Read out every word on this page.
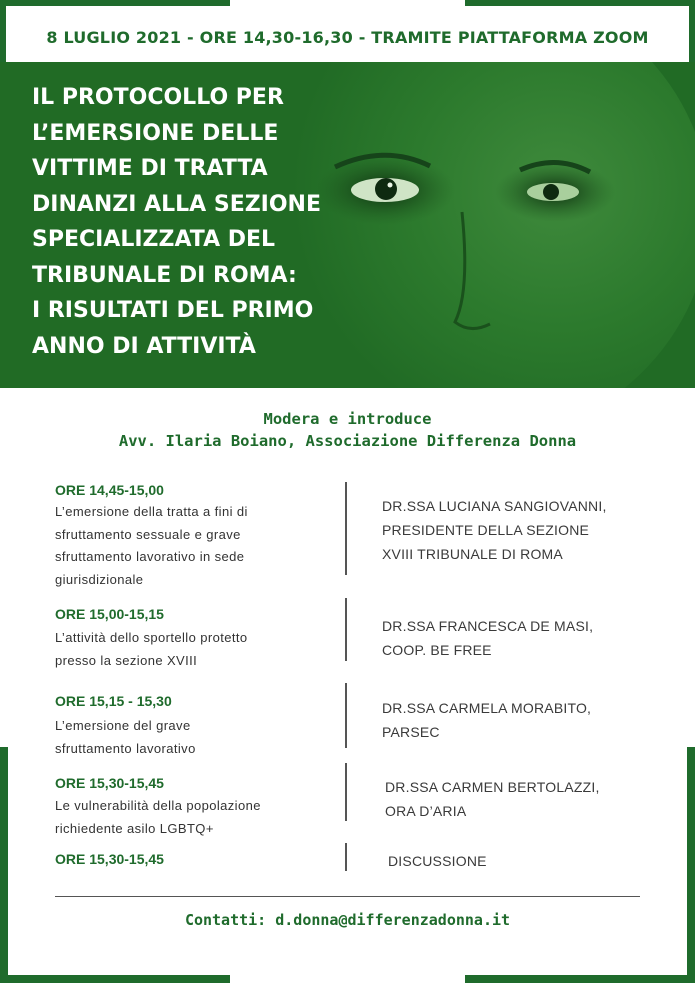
8 LUGLIO 2021 - ORE 14,30-16,30 - TRAMITE PIATTAFORMA ZOOM
IL PROTOCOLLO PER
L’EMERSIONE DELLE
VITTIME DI TRATTA
DINANZI ALLA SEZIONE
SPECIALIZZATA DEL
TRIBUNALE DI ROMA:
I RISULTATI DEL PRIMO
ANNO DI ATTIVITÀ
Modera e introduce
Avv. Ilaria Boiano, Associazione Differenza Donna
ORE 14,45-15,00
L’emersione della tratta a fini di
sfruttamento sessuale e grave
sfruttamento lavorativo in sede
giurisdizionale
DR.SSA LUCIANA SANGIOVANNI,
PRESIDENTE DELLA SEZIONE
XVIII TRIBUNALE DI ROMA
ORE 15,00-15,15
L’attività dello sportello protetto
presso la sezione XVIII
DR.SSA FRANCESCA DE MASI,
COOP. BE FREE
ORE 15,15 - 15,30
L’emersione del grave
sfruttamento lavorativo
DR.SSA CARMELA MORABITO,
PARSEC
ORE 15,30-15,45
Le vulnerabilità della popolazione
richiedente asilo LGBTQ+
DR.SSA CARMEN BERTOLAZZI,
ORA D’ARIA
ORE 15,30-15,45	DISCUSSIONE
Contatti: d.donna@differenzadonna.it
